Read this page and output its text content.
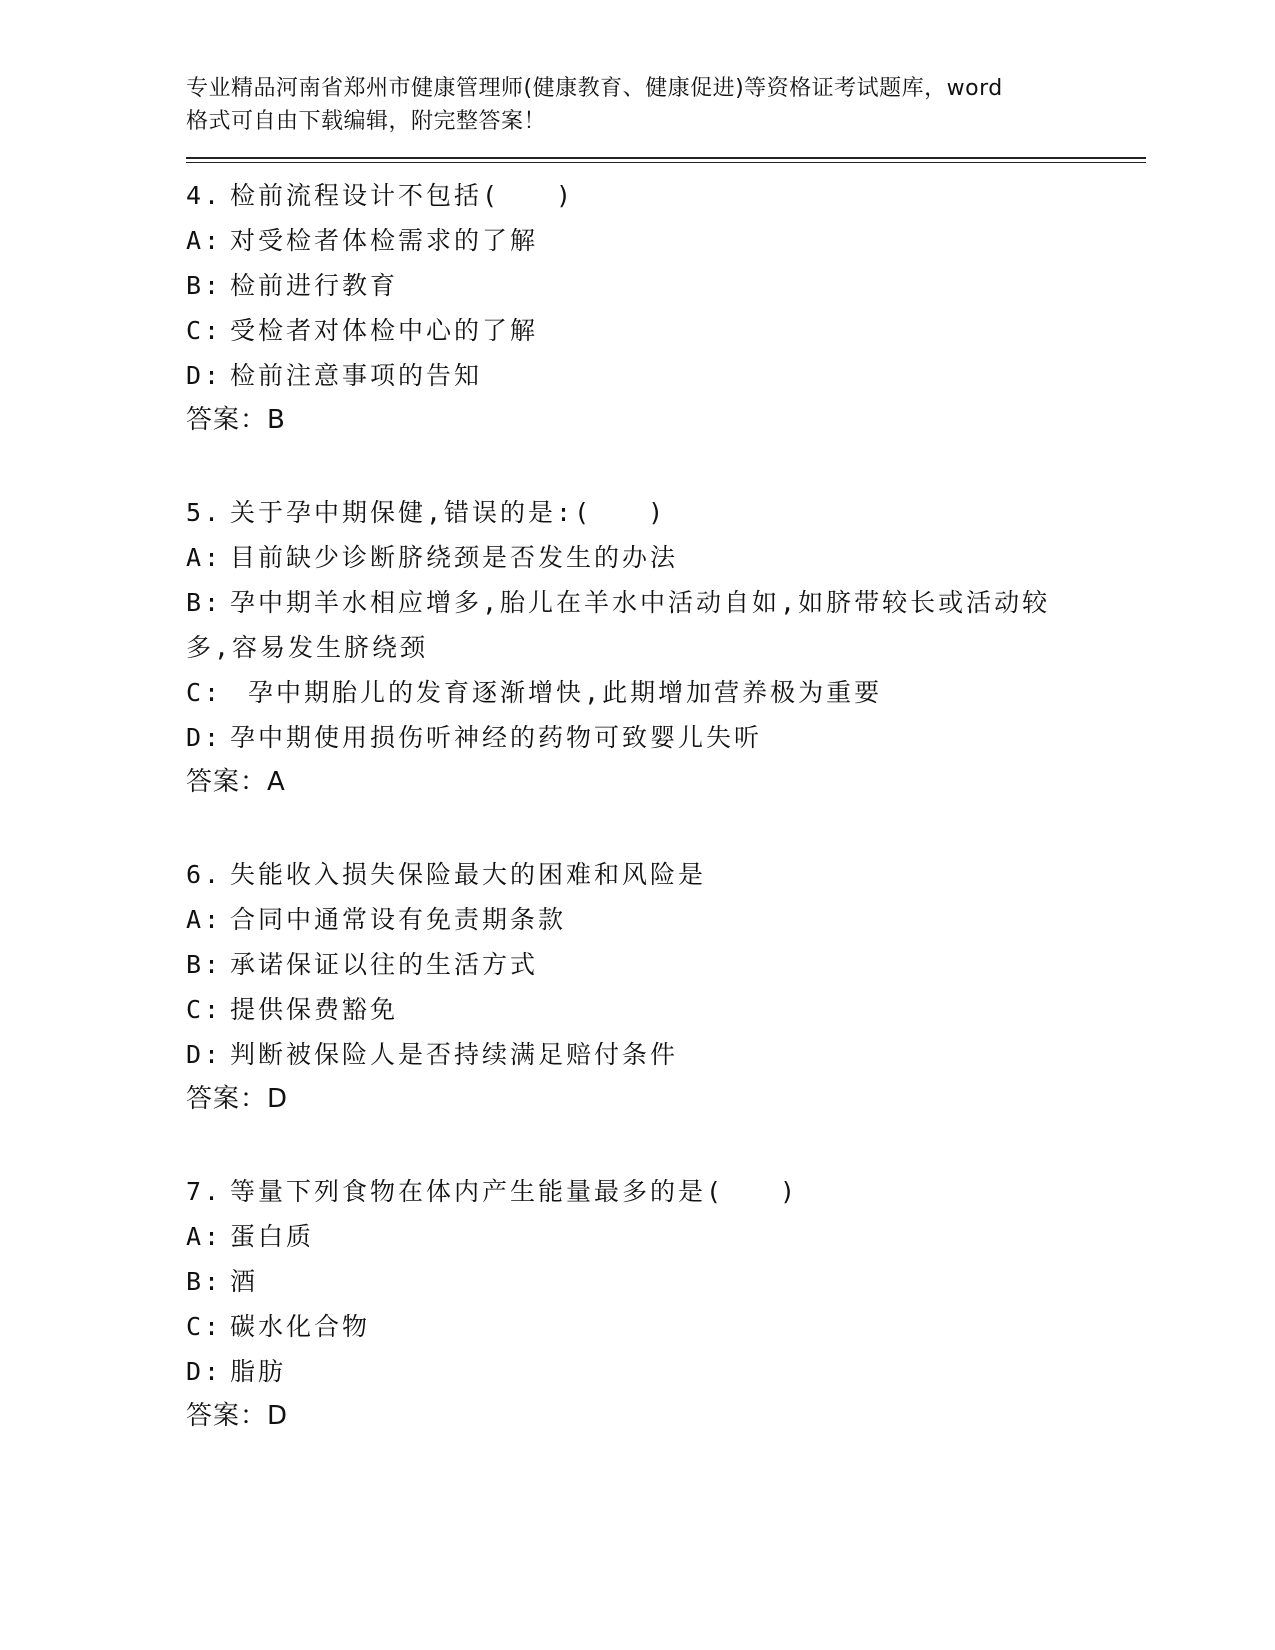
专业精品河南省郑州市健康管理师(健康教育、健康促进)等资格证考试题库，word
格式可自由下载编辑，附完整答案！
4. 检前流程设计不包括(　　)
A: 对受检者体检需求的了解
B: 检前进行教育
C: 受检者对体检中心的了解
D: 检前注意事项的告知
答案：B
5. 关于孕中期保健,错误的是:(　　)
A: 目前缺少诊断脐绕颈是否发生的办法
B: 孕中期羊水相应增多,胎儿在羊水中活动自如,如脐带较长或活动较
多,容易发生脐绕颈
C: 孕中期胎儿的发育逐渐增快,此期增加营养极为重要
D: 孕中期使用损伤听神经的药物可致婴儿失听
答案：A
6. 失能收入损失保险最大的困难和风险是
A: 合同中通常设有免责期条款
B: 承诺保证以往的生活方式
C: 提供保费豁免
D: 判断被保险人是否持续满足赔付条件
答案：D
7. 等量下列食物在体内产生能量最多的是(　　)
A: 蛋白质
B: 酒
C: 碳水化合物
D: 脂肪
答案：D
